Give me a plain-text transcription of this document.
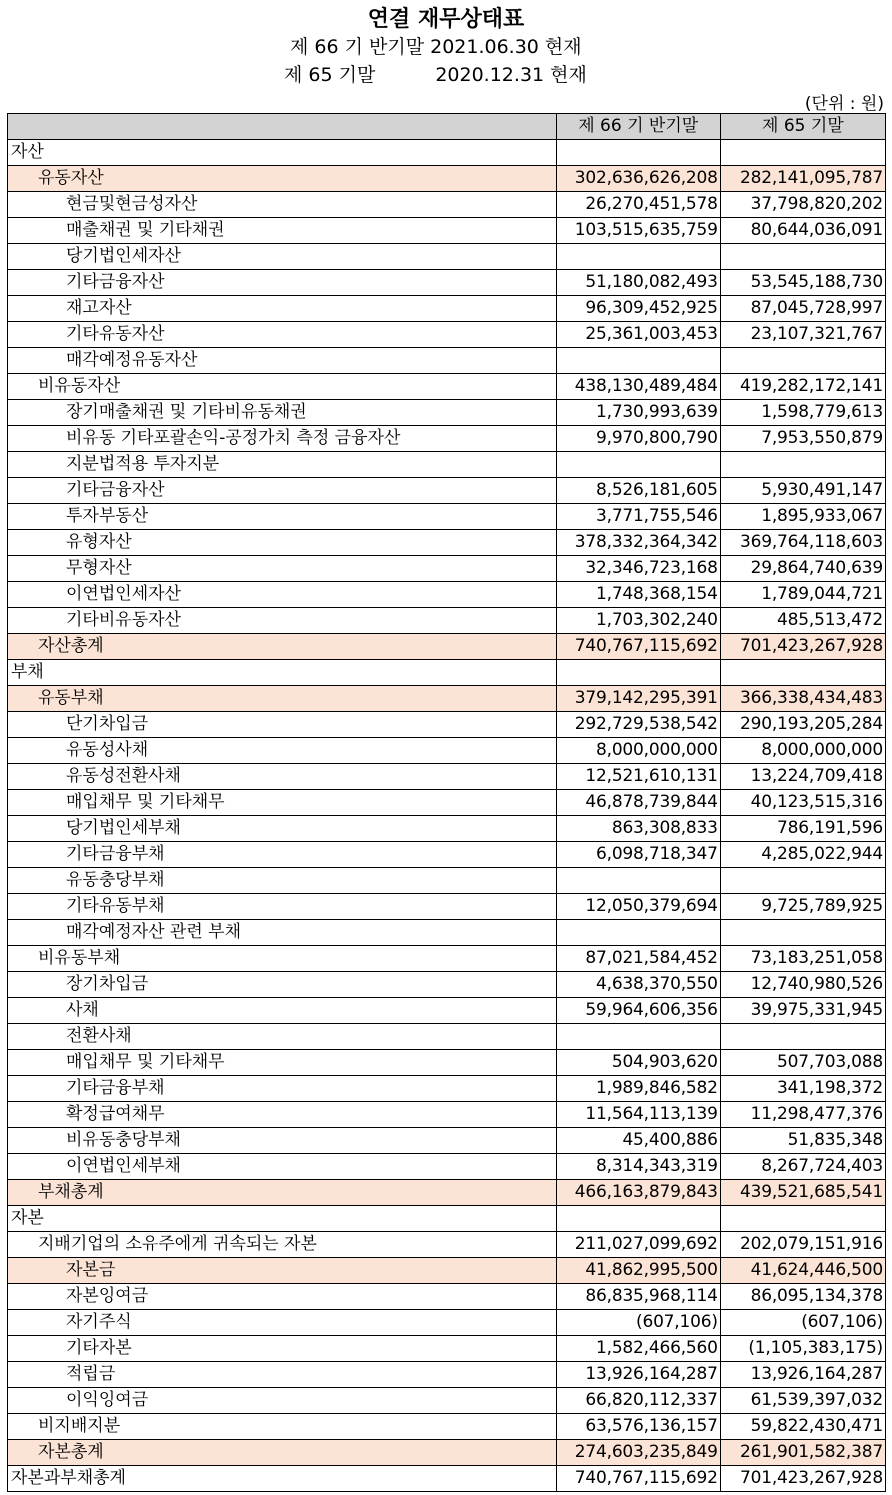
연결 재무상태표
제 66 기 반기말 2021.06.30 현재
제 65 기말	2020.12.31 현재
(단위 : 원)
	제 66 기 반기말	제 65 기말
자산		
유동자산	302,636,626,208	282,141,095,787
현금및현금성자산	26,270,451,578	37,798,820,202
매출채권 및 기타채권	103,515,635,759	80,644,036,091
당기법인세자산		
기타금융자산	51,180,082,493	53,545,188,730
재고자산	96,309,452,925	87,045,728,997
기타유동자산	25,361,003,453	23,107,321,767
매각예정유동자산		
비유동자산	438,130,489,484	419,282,172,141
장기매출채권 및 기타비유동채권	1,730,993,639	1,598,779,613
비유동 기타포괄손익-공정가치 측정 금융자산	9,970,800,790	7,953,550,879
지분법적용 투자지분		
기타금융자산	8,526,181,605	5,930,491,147
투자부동산	3,771,755,546	1,895,933,067
유형자산	378,332,364,342	369,764,118,603
무형자산	32,346,723,168	29,864,740,639
이연법인세자산	1,748,368,154	1,789,044,721
기타비유동자산	1,703,302,240	485,513,472
자산총계	740,767,115,692	701,423,267,928
부채		
유동부채	379,142,295,391	366,338,434,483
단기차입금	292,729,538,542	290,193,205,284
유동성사채	8,000,000,000	8,000,000,000
유동성전환사채	12,521,610,131	13,224,709,418
매입채무 및 기타채무	46,878,739,844	40,123,515,316
당기법인세부채	863,308,833	786,191,596
기타금융부채	6,098,718,347	4,285,022,944
유동충당부채		
기타유동부채	12,050,379,694	9,725,789,925
매각예정자산 관련 부채		
비유동부채	87,021,584,452	73,183,251,058
장기차입금	4,638,370,550	12,740,980,526
사채	59,964,606,356	39,975,331,945
전환사채		
매입채무 및 기타채무	504,903,620	507,703,088
기타금융부채	1,989,846,582	341,198,372
확정급여채무	11,564,113,139	11,298,477,376
비유동충당부채	45,400,886	51,835,348
이연법인세부채	8,314,343,319	8,267,724,403
부채총계	466,163,879,843	439,521,685,541
자본		
지배기업의 소유주에게 귀속되는 자본	211,027,099,692	202,079,151,916
자본금	41,862,995,500	41,624,446,500
자본잉여금	86,835,968,114	86,095,134,378
자기주식	(607,106)	(607,106)
기타자본	1,582,466,560	(1,105,383,175)
적립금	13,926,164,287	13,926,164,287
이익잉여금	66,820,112,337	61,539,397,032
비지배지분	63,576,136,157	59,822,430,471
자본총계	274,603,235,849	261,901,582,387
자본과부채총계	740,767,115,692	701,423,267,928
